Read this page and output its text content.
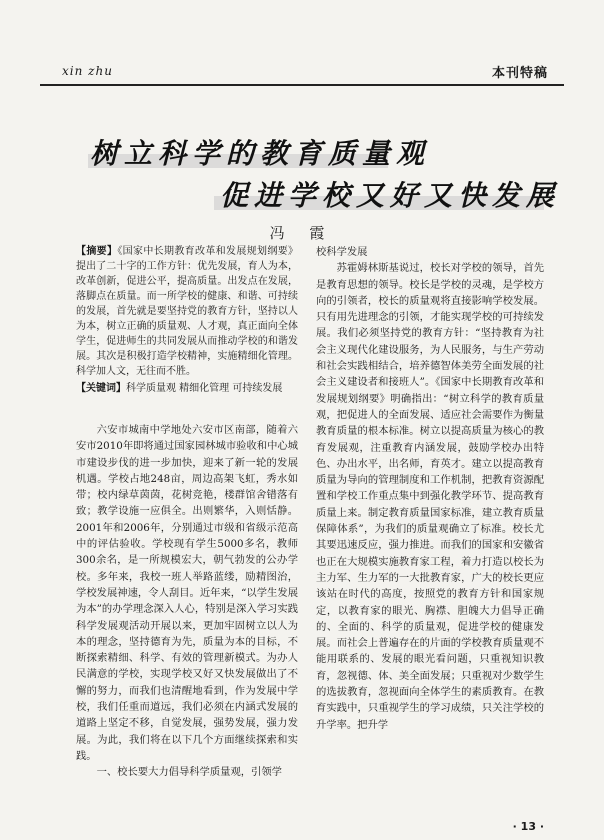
xin zhu	本刊特稿
树立科学的教育质量观
促进学校又好又快发展
冯 霞

【摘要】《国家中长期教育改革和发展规划纲要》提出了二十字的工作方针：优先发展，育人为本，改革创新，促进公平，提高质量。出发点在发展，落脚点在质量。而一所学校的健康、和谐、可持续的发展，首先就是要坚持党的教育方针，坚持以人为本，树立正确的质量观、人才观，真正面向全体学生，促进师生的共同发展从而推动学校的和谐发展。其次是积极打造学校精神，实施精细化管理。科学加人文，无往而不胜。

【关键词】科学质量观 精细化管理 可持续发展

六安市城南中学地处六安市区南部，随着六安市2010年即将通过国家园林城市验收和中心城市建设步伐的进一步加快，迎来了新一轮的发展机遇。学校占地248亩，周边高架飞虹，秀水如带；校内绿草茵茵，花树竞艳，楼群馆舍错落有致；教学设施一应俱全。出则繁华，入则恬静。2001年和2006年，分别通过市级和省级示范高中的评估验收。学校现有学生5000多名，教师300余名，是一所规模宏大，朝气勃发的公办学校。多年来，我校一班人举路蓝缕，励精图治，学校发展神速，令人刮目。近年来，“以学生发展为本”的办学理念深入人心，特别是深入学习实践科学发展观活动开展以来，更加牢固树立以人为本的理念，坚持德育为先，质量为本的目标，不断探索精细、科学、有效的管理新模式。为办人民满意的学校，实现学校又好又快发展做出了不懈的努力，而我们也清醒地看到，作为发展中学校，我们任重而道远，我们必须在内涵式发展的道路上坚定不移，自觉发展，强势发展，强力发展。为此，我们将在以下几个方面继续探索和实践。

一、校长要大力倡导科学质量观，引领学

校科学发展

苏霍姆林斯基说过，校长对学校的领导，首先是教育思想的领导。校长是学校的灵魂，是学校方向的引领者，校长的质量观将直接影响学校发展。只有用先进理念的引领，才能实现学校的可持续发展。我们必须坚持党的教育方针：“坚持教育为社会主义现代化建设服务，为人民服务，与生产劳动和社会实践相结合，培养德智体美劳全面发展的社会主义建设者和接班人”。《国家中长期教育改革和发展规划纲要》明确指出：“树立科学的教育质量观，把促进人的全面发展、适应社会需要作为衡量教育质量的根本标准。树立以提高质量为核心的教育发展观，注重教育内涵发展，鼓励学校办出特色、办出水平，出名师，育英才。建立以提高教育质量为导向的管理制度和工作机制，把教育资源配置和学校工作重点集中到强化教学环节、提高教育质量上来。制定教育质量国家标准，建立教育质量保障体系”，为我们的质量观确立了标准。校长尤其要迅速反应，强力推进。而我们的国家和安徽省也正在大规模实施教育家工程，着力打造以校长为主力军、生力军的一大批教育家，广大的校长更应该站在时代的高度，按照党的教育方针和国家规定，以教育家的眼光、胸襟、胆魄大力倡导正确的、全面的、科学的质量观，促进学校的健康发展。而社会上普遍存在的片面的学校教育质量观不能用联系的、发展的眼光看问题，只重视知识教育，忽视德、体、美全面发展；只重视对少数学生的选拔教育，忽视面向全体学生的素质教育。在教育实践中，只重视学生的学习成绩，只关注学校的升学率。把升学

· 13 ·
